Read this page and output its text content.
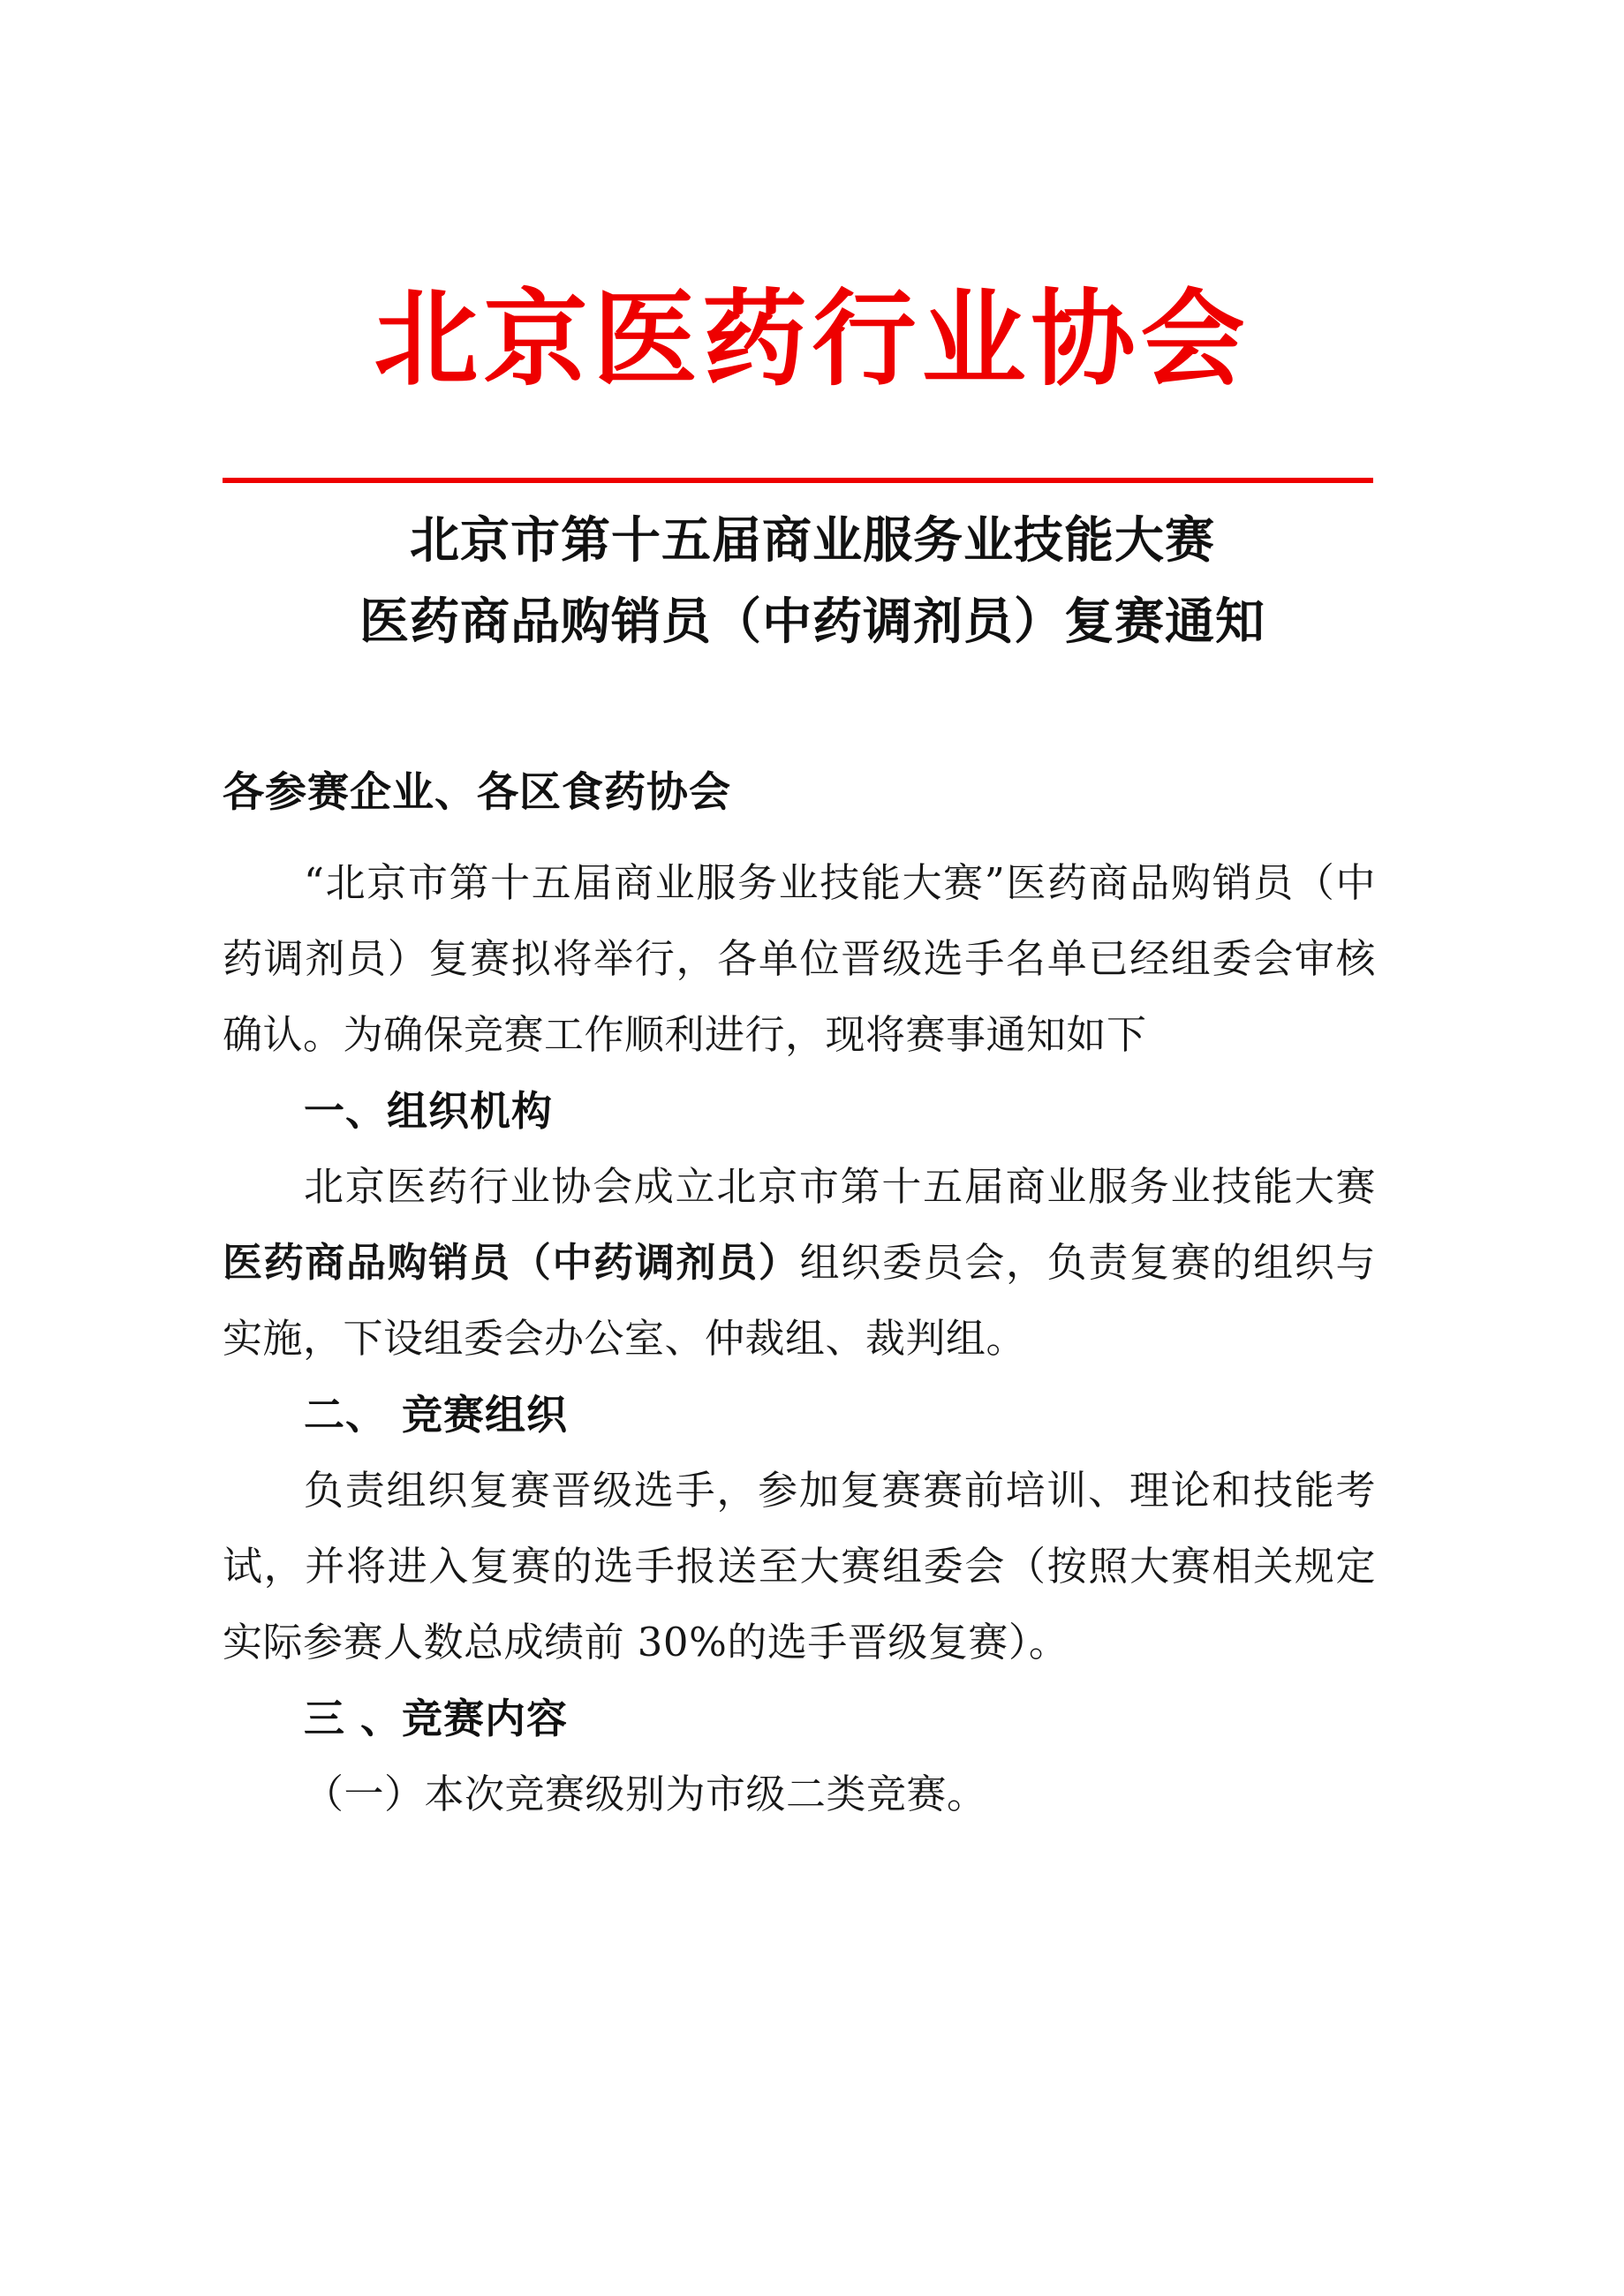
北京医药行业协会
北京市第十五届商业服务业技能大赛
医药商品购销员（中药调剂员）复赛通知
各参赛企业、各区食药协会

“北京市第十五届商业服务业技能大赛”医药商品购销员（中药调剂员）复赛拟将举行，各单位晋级选手名单已经组委会审核确认。为确保竞赛工作顺利进行，现将赛事通知如下

一、组织机构

北京医药行业协会成立北京市第十五届商业服务业技能大赛医药商品购销员（中药调剂员）组织委员会，负责复赛的组织与实施，下设组委会办公室、仲裁组、裁判组。

二、 竞赛组织

负责组织复赛晋级选手，参加复赛赛前培训、理论和技能考试，并将进入复赛的选手报送至大赛组委会（按照大赛相关规定实际参赛人数总成绩前 30%的选手晋级复赛）。

三 、竞赛内容

（一）本次竞赛级别为市级二类竞赛。
